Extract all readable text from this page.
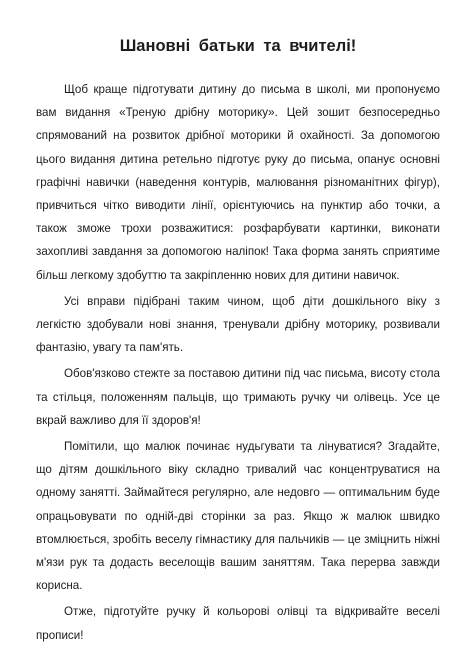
Шановні батьки та вчителі!

Щоб краще підготувати дитину до письма в школі, ми пропонуємо вам видання «Треную дрібну моторику». Цей зошит безпосередньо спрямований на розвиток дрібної моторики й охайності. За допомогою цього видання дитина ретельно підготує руку до письма, опанує основні графічні навички (наведення контурів, малювання різноманітних фігур), привчиться чітко виводити лінії, орієнтуючись на пунктир або точки, а також зможе трохи розважитися: розфарбувати картинки, виконати захопливі завдання за допомогою наліпок! Така форма занять сприятиме більш легкому здобуттю та закріпленню нових для дитини навичок.

Усі вправи підібрані таким чином, щоб діти дошкільного віку з легкістю здобували нові знання, тренували дрібну моторику, розвивали фантазію, увагу та пам'ять.

Обов'язково стежте за поставою дитини під час письма, висоту стола та стільця, положенням пальців, що тримають ручку чи олівець. Усе це вкрай важливо для її здоров'я!

Помітили, що малюк починає нудьгувати та лінуватися? Згадайте, що дітям дошкільного віку складно тривалий час концентруватися на одному занятті. Займайтеся регулярно, але недовго — оптимальним буде опрацьовувати по одній-дві сторінки за раз. Якщо ж малюк швидко втомлюється, зробіть веселу гімнастику для пальчиків — це зміцнить ніжні м'язи рук та додасть веселощів вашим заняттям. Така перерва завжди корисна.

Отже, підготуйте ручку й кольорові олівці та відкривайте веселі прописи!
